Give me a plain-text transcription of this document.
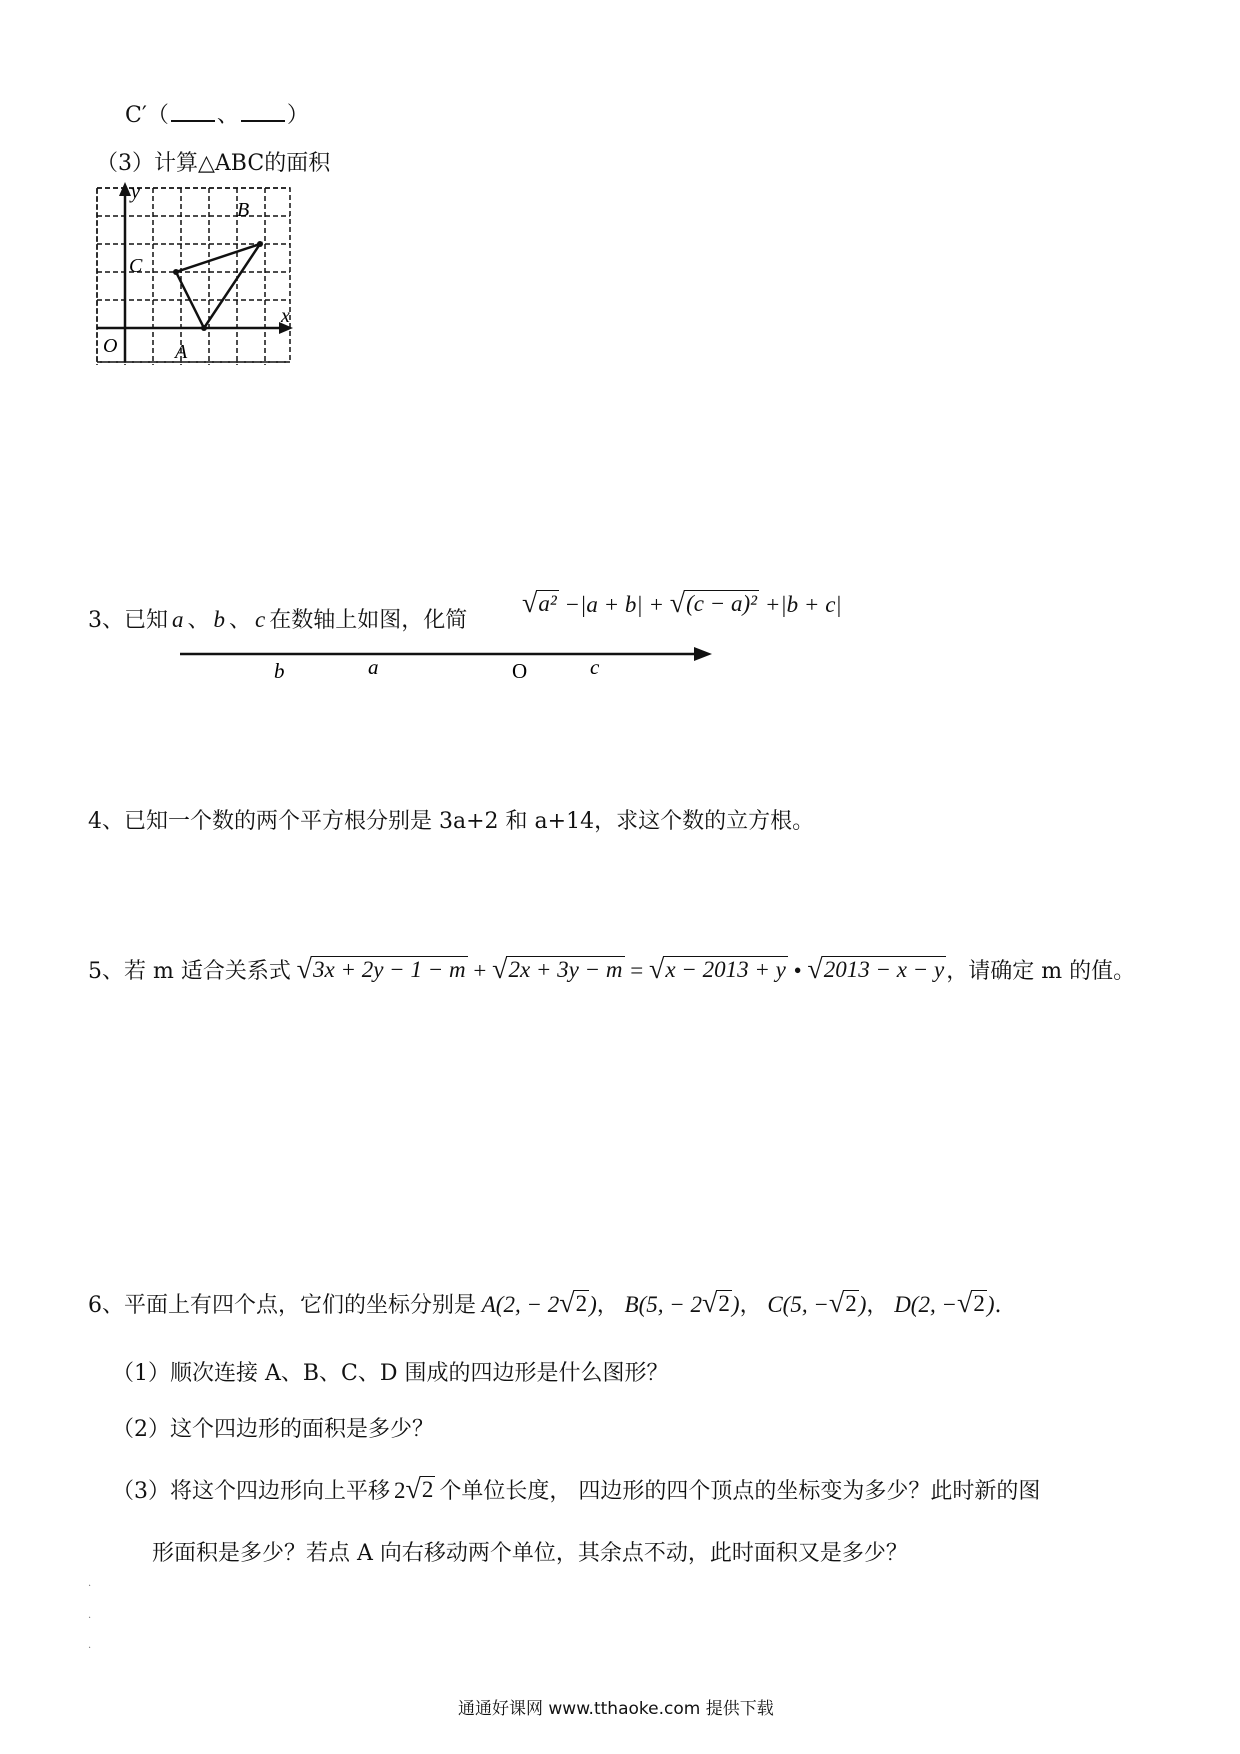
C′（ 、 ）
（3）计算△ABC的面积
y
x
O	A
B
C
3、已知 a 、 b 、 c 在数轴上如图，化简
√ a² −|a + b| + √ (c − a)² +|b + c|
b	a	O	c
4、已知一个数的两个平方根分别是 3a+2 和 a+14，求这个数的立方根。
5、若 m 适合关系式 √ 3x + 2y − 1 − m + √ 2x + 3y − m = √ x − 2013 + y • √ 2013 − x − y ，请确定 m 的值。
6、平面上有四个点，它们的坐标分别是 A(2, − 2 √ 2 )， B(5, − 2 √ 2 )， C(5, − √ 2 )， D(2, − √ 2 ).
（1）顺次连接 A、B、C、D 围成的四边形是什么图形？
（2）这个四边形的面积是多少？
（3）将这个四边形向上平移 2 √ 2 个单位长度， 四边形的四个顶点的坐标变为多少？此时新的图
形面积是多少？若点 A 向右移动两个单位，其余点不动，此时面积又是多少？
.
.
.
通通好课网 www.tthaoke.com 提供下载
